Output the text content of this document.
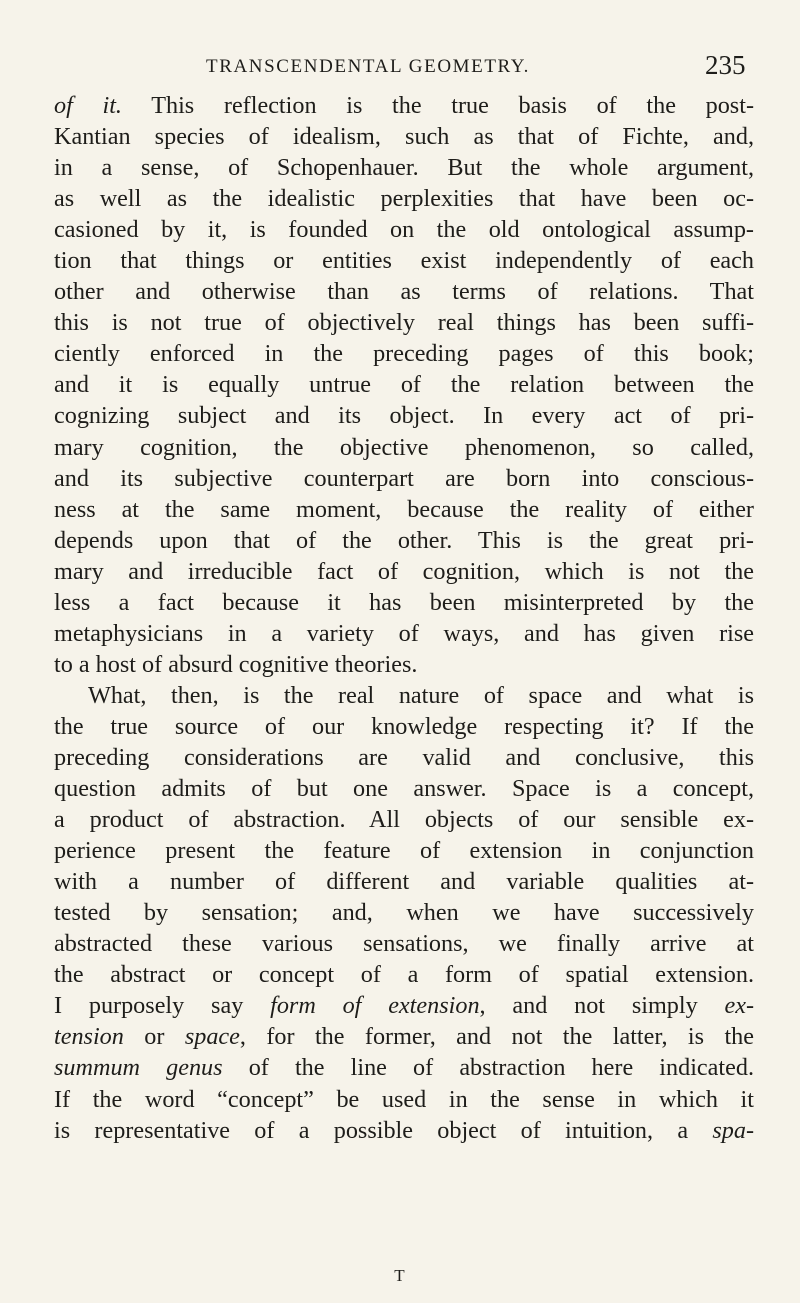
TRANSCENDENTAL GEOMETRY.	235
of it. This reflection is the true basis of the post-
Kantian species of idealism, such as that of Fichte, and,
in a sense, of Schopenhauer. But the whole argument,
as well as the idealistic perplexities that have been oc-
casioned by it, is founded on the old ontological assump-
tion that things or entities exist independently of each
other and otherwise than as terms of relations. That
this is not true of objectively real things has been suffi-
ciently enforced in the preceding pages of this book;
and it is equally untrue of the relation between the
cognizing subject and its object. In every act of pri-
mary cognition, the objective phenomenon, so called,
and its subjective counterpart are born into conscious-
ness at the same moment, because the reality of either
depends upon that of the other. This is the great pri-
mary and irreducible fact of cognition, which is not the
less a fact because it has been misinterpreted by the
metaphysicians in a variety of ways, and has given rise
to a host of absurd cognitive theories.
What, then, is the real nature of space and what is
the true source of our knowledge respecting it? If the
preceding considerations are valid and conclusive, this
question admits of but one answer. Space is a concept,
a product of abstraction. All objects of our sensible ex-
perience present the feature of extension in conjunction
with a number of different and variable qualities at-
tested by sensation; and, when we have successively
abstracted these various sensations, we finally arrive at
the abstract or concept of a form of spatial extension.
I purposely say form of extension, and not simply ex-
tension or space, for the former, and not the latter, is the
summum genus of the line of abstraction here indicated.
If the word “concept” be used in the sense in which it
is representative of a possible object of intuition, a spa-
T
